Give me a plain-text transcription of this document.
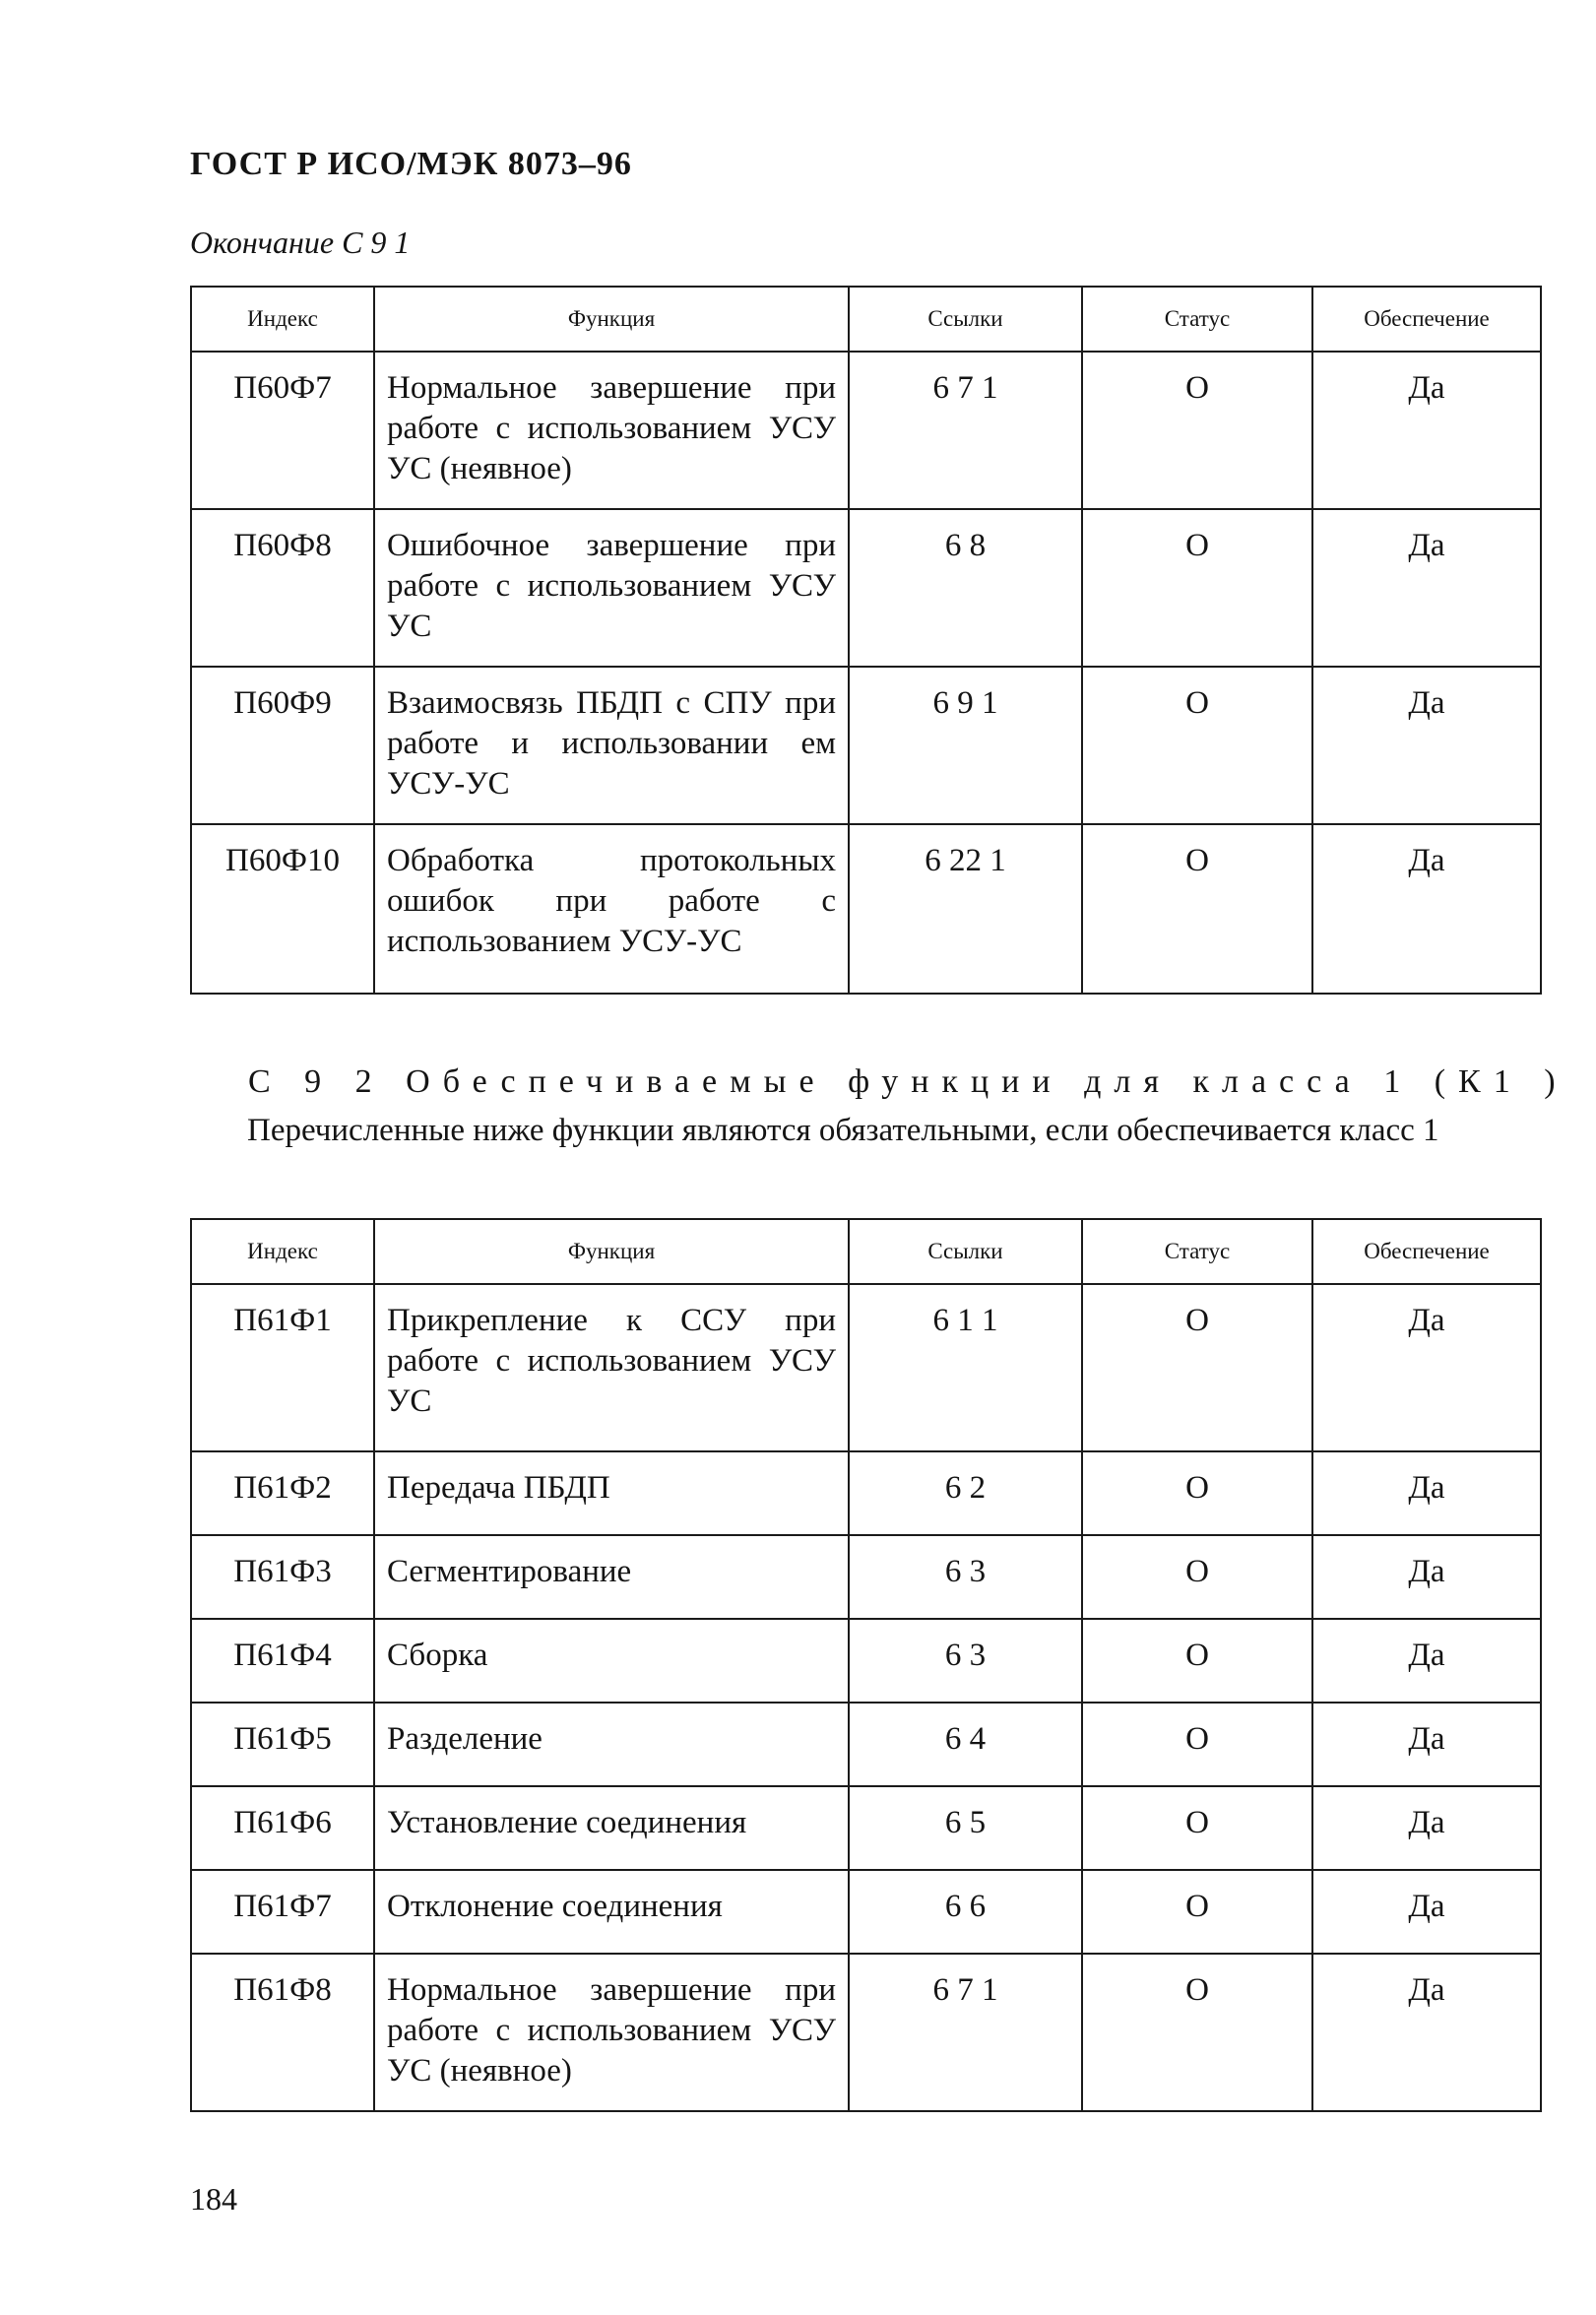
ГОСТ Р ИСО/МЭК 8073–96
Окончание С 9 1
Индекс	Функция	Ссылки	Статус	Обеспечение
П60Ф7	Нормальное завершение при работе с использованием УСУ УС (неявное)	6 7 1	О	Да
П60Ф8	Ошибочное завершение при работе с использованием УСУ УС	6 8	О	Да
П60Ф9	Взаимосвязь ПБДП с СПУ при работе и использовании ем УСУ-УС	6 9 1	О	Да
П60Ф10	Обработка протокольных ошибок при работе с использованием УСУ-УС	6 22 1	О	Да
С 9 2 Обеспечиваемые функции для класса 1 (К1 )
Перечисленные ниже функции являются обязательными, если обеспечивается класс 1
Индекс	Функция	Ссылки	Статус	Обеспечение
П61Ф1	Прикрепление к ССУ при работе с использованием УСУ УС	6 1 1	О	Да
П61Ф2	Передача ПБДП	6 2	О	Да
П61Ф3	Сегментирование	6 3	О	Да
П61Ф4	Сборка	6 3	О	Да
П61Ф5	Разделение	6 4	О	Да
П61Ф6	Установление соединения	6 5	О	Да
П61Ф7	Отклонение соединения	6 6	О	Да
П61Ф8	Нормальное завершение при работе с использованием УСУ УС (неявное)	6 7 1	О	Да
184
